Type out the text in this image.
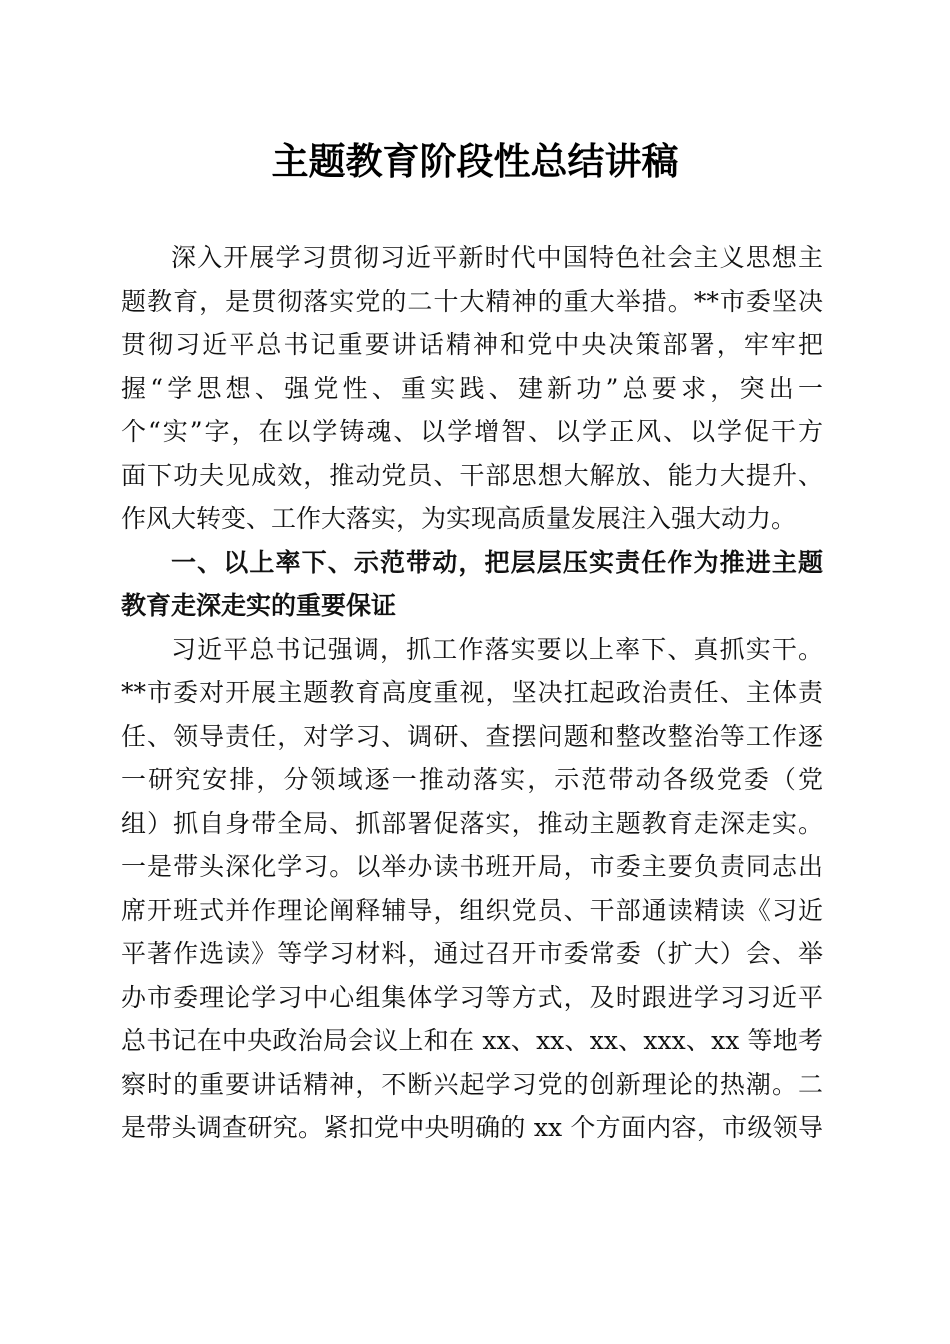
主题教育阶段性总结讲稿
深入开展学习贯彻习近平新时代中国特色社会主义思想主
题教育，是贯彻落实党的二十大精神的重大举措。**市委坚决
贯彻习近平总书记重要讲话精神和党中央决策部署，牢牢把
握“学思想、强党性、重实践、建新功”总要求，突出一
个“实”字，在以学铸魂、以学增智、以学正风、以学促干方
面下功夫见成效，推动党员、干部思想大解放、能力大提升、
作风大转变、工作大落实，为实现高质量发展注入强大动力。
一、以上率下、示范带动，把层层压实责任作为推进主题
教育走深走实的重要保证
习近平总书记强调，抓工作落实要以上率下、真抓实干。
**市委对开展主题教育高度重视，坚决扛起政治责任、主体责
任、领导责任，对学习、调研、查摆问题和整改整治等工作逐
一研究安排，分领域逐一推动落实，示范带动各级党委（党
组）抓自身带全局、抓部署促落实，推动主题教育走深走实。
一是带头深化学习。以举办读书班开局，市委主要负责同志出
席开班式并作理论阐释辅导，组织党员、干部通读精读《习近
平著作选读》等学习材料，通过召开市委常委（扩大）会、举
办市委理论学习中心组集体学习等方式，及时跟进学习习近平
总书记在中央政治局会议上和在 xx、xx、xx、xxx、xx 等地考
察时的重要讲话精神，不断兴起学习党的创新理论的热潮。二
是带头调查研究。紧扣党中央明确的 xx 个方面内容，市级领导
